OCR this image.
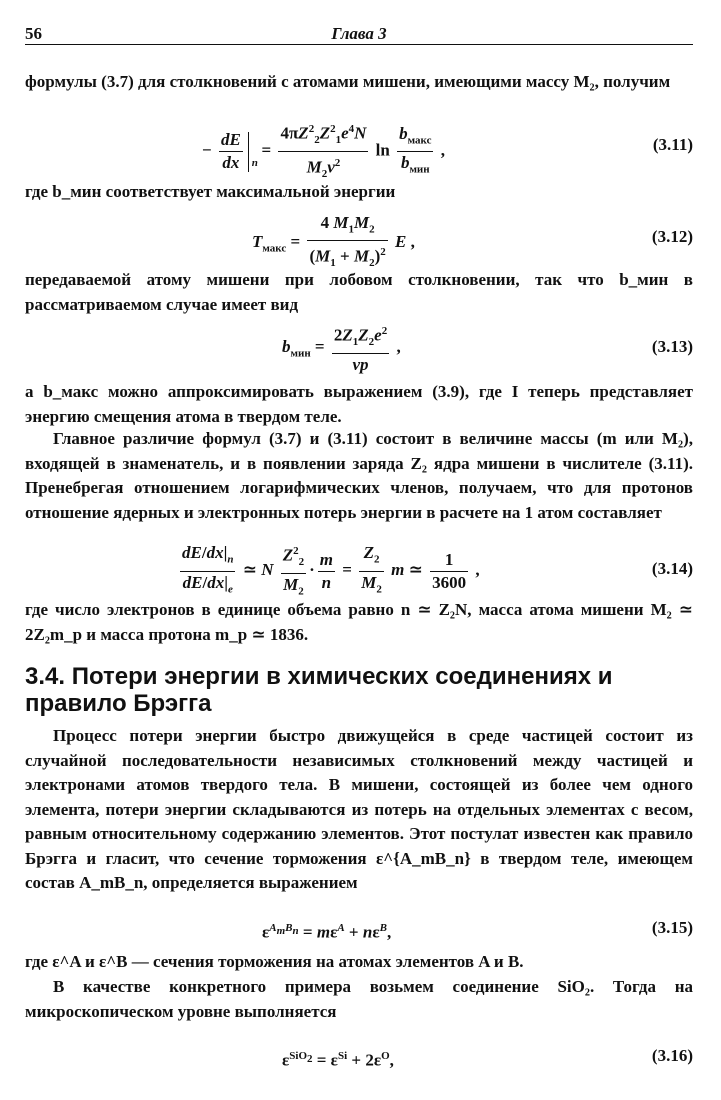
56	Глава 3

формулы (3.7) для столкновений с атомами мишени, имеющими массу M₂, получим

− $\frac{dE}{dx}$ n
= $\frac{4\pi Z^2_2Z^2_1e^4N}{M_2v^2}$ $\ln \frac{b_{макс}}{b_{мин}}$ ,	(3.11)

где b_мин соответствует максимальной энергии

$T_{макс} = \frac{4 M_1M_2}{(M_1 + M_2)^2}$ E ,	(3.12)

передаваемой атому мишени при лобовом столкновении, так что b_мин в рассматриваемом случае имеет вид

$b_{мин} = \frac{2Z_1Z_2e^2}{vp}$ ,	(3.13)

а b_макс можно аппроксимировать выражением (3.9), где I теперь представляет энергию смещения атома в твердом теле.

Главное различие формул (3.7) и (3.11) состоит в величине массы (m или M₂), входящей в знаменатель, и в появлении заряда Z₂ ядра мишени в числителе (3.11). Пренебрегая отношением логарифмических членов, получаем, что для протонов отношение ядерных и электронных потерь энергии в расчете на 1 атом составляет

$\frac{dE/dx|_n}{dE/dx|_e}$ ≃ N $\frac{Z^2_2}{M_2} \cdot \frac{m}{n} = \frac{Z_2}{M_2}$ m ≃ $\frac{1}{3600}$ ,	(3.14)

где число электронов в единице объема равно n ≃ Z₂N, масса атома мишени M₂ ≃ 2Z₂m_p и масса протона m_p ≃ 1836.

3.4. Потери энергии в химических соединениях и правило Брэгга

Процесс потери энергии быстро движущейся в среде частицей состоит из случайной последовательности независимых столкновений между частицей и электронами атомов твердого тела. В мишени, состоящей из более чем одного элемента, потери энергии складываются из потерь на отдельных элементах с весом, равным относительному содержанию элементов. Этот постулат известен как правило Брэгга и гласит, что сечение торможения ε^{A_mB_n} в твердом теле, имеющем состав A_mB_n, определяется выражением

$\varepsilon^{A_mB_n} = m\varepsilon^A + n\varepsilon^B$,	(3.15)

где ε^A и ε^B — сечения торможения на атомах элементов A и B.

В качестве конкретного примера возьмем соединение SiO₂. Тогда на микроскопическом уровне выполняется

$\varepsilon^{SiO_2} = \varepsilon^{Si} + 2\varepsilon^O$,	(3.16)
